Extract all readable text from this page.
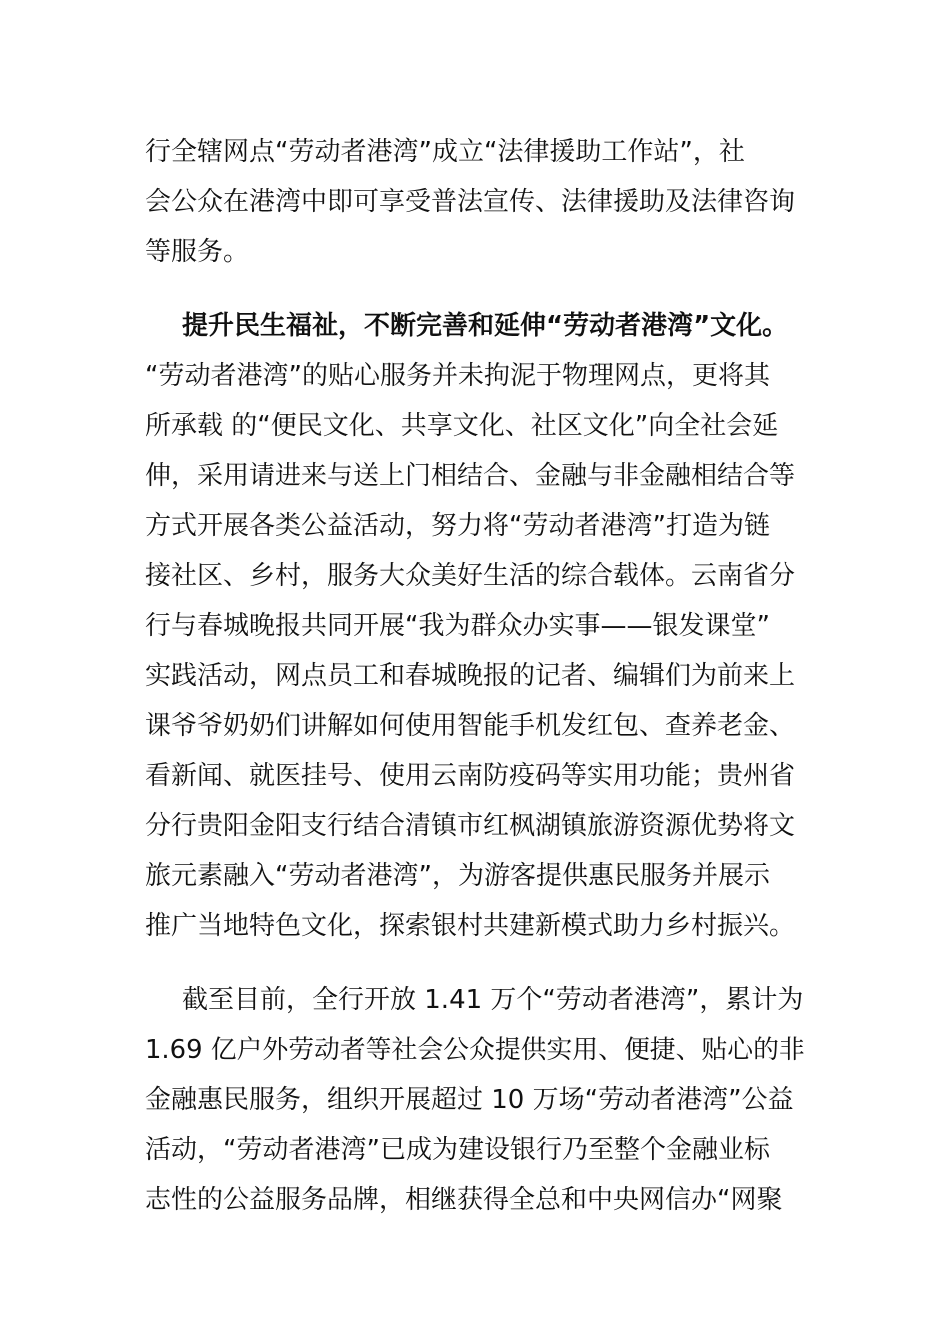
行全辖网点“劳动者港湾”成立“法律援助工作站”，社
会公众在港湾中即可享受普法宣传、法律援助及法律咨询
等服务。
提升民生福祉，不断完善和延伸“劳动者港湾”文化。
“劳动者港湾”的贴心服务并未拘泥于物理网点，更将其
所承载 的“便民文化、共享文化、社区文化”向全社会延
伸，采用请进来与送上门相结合、金融与非金融相结合等
方式开展各类公益活动，努力将“劳动者港湾”打造为链
接社区、乡村，服务大众美好生活的综合载体。云南省分
行与春城晚报共同开展“我为群众办实事——银发课堂”
实践活动，网点员工和春城晚报的记者、编辑们为前来上
课爷爷奶奶们讲解如何使用智能手机发红包、查养老金、
看新闻、就医挂号、使用云南防疫码等实用功能；贵州省
分行贵阳金阳支行结合清镇市红枫湖镇旅游资源优势将文
旅元素融入“劳动者港湾”，为游客提供惠民服务并展示
推广当地特色文化，探索银村共建新模式助力乡村振兴。
截至目前，全行开放 1.41 万个“劳动者港湾”，累计为
1.69 亿户外劳动者等社会公众提供实用、便捷、贴心的非
金融惠民服务，组织开展超过 10 万场“劳动者港湾”公益
活动，“劳动者港湾”已成为建设银行乃至整个金融业标
志性的公益服务品牌，相继获得全总和中央网信办“网聚
